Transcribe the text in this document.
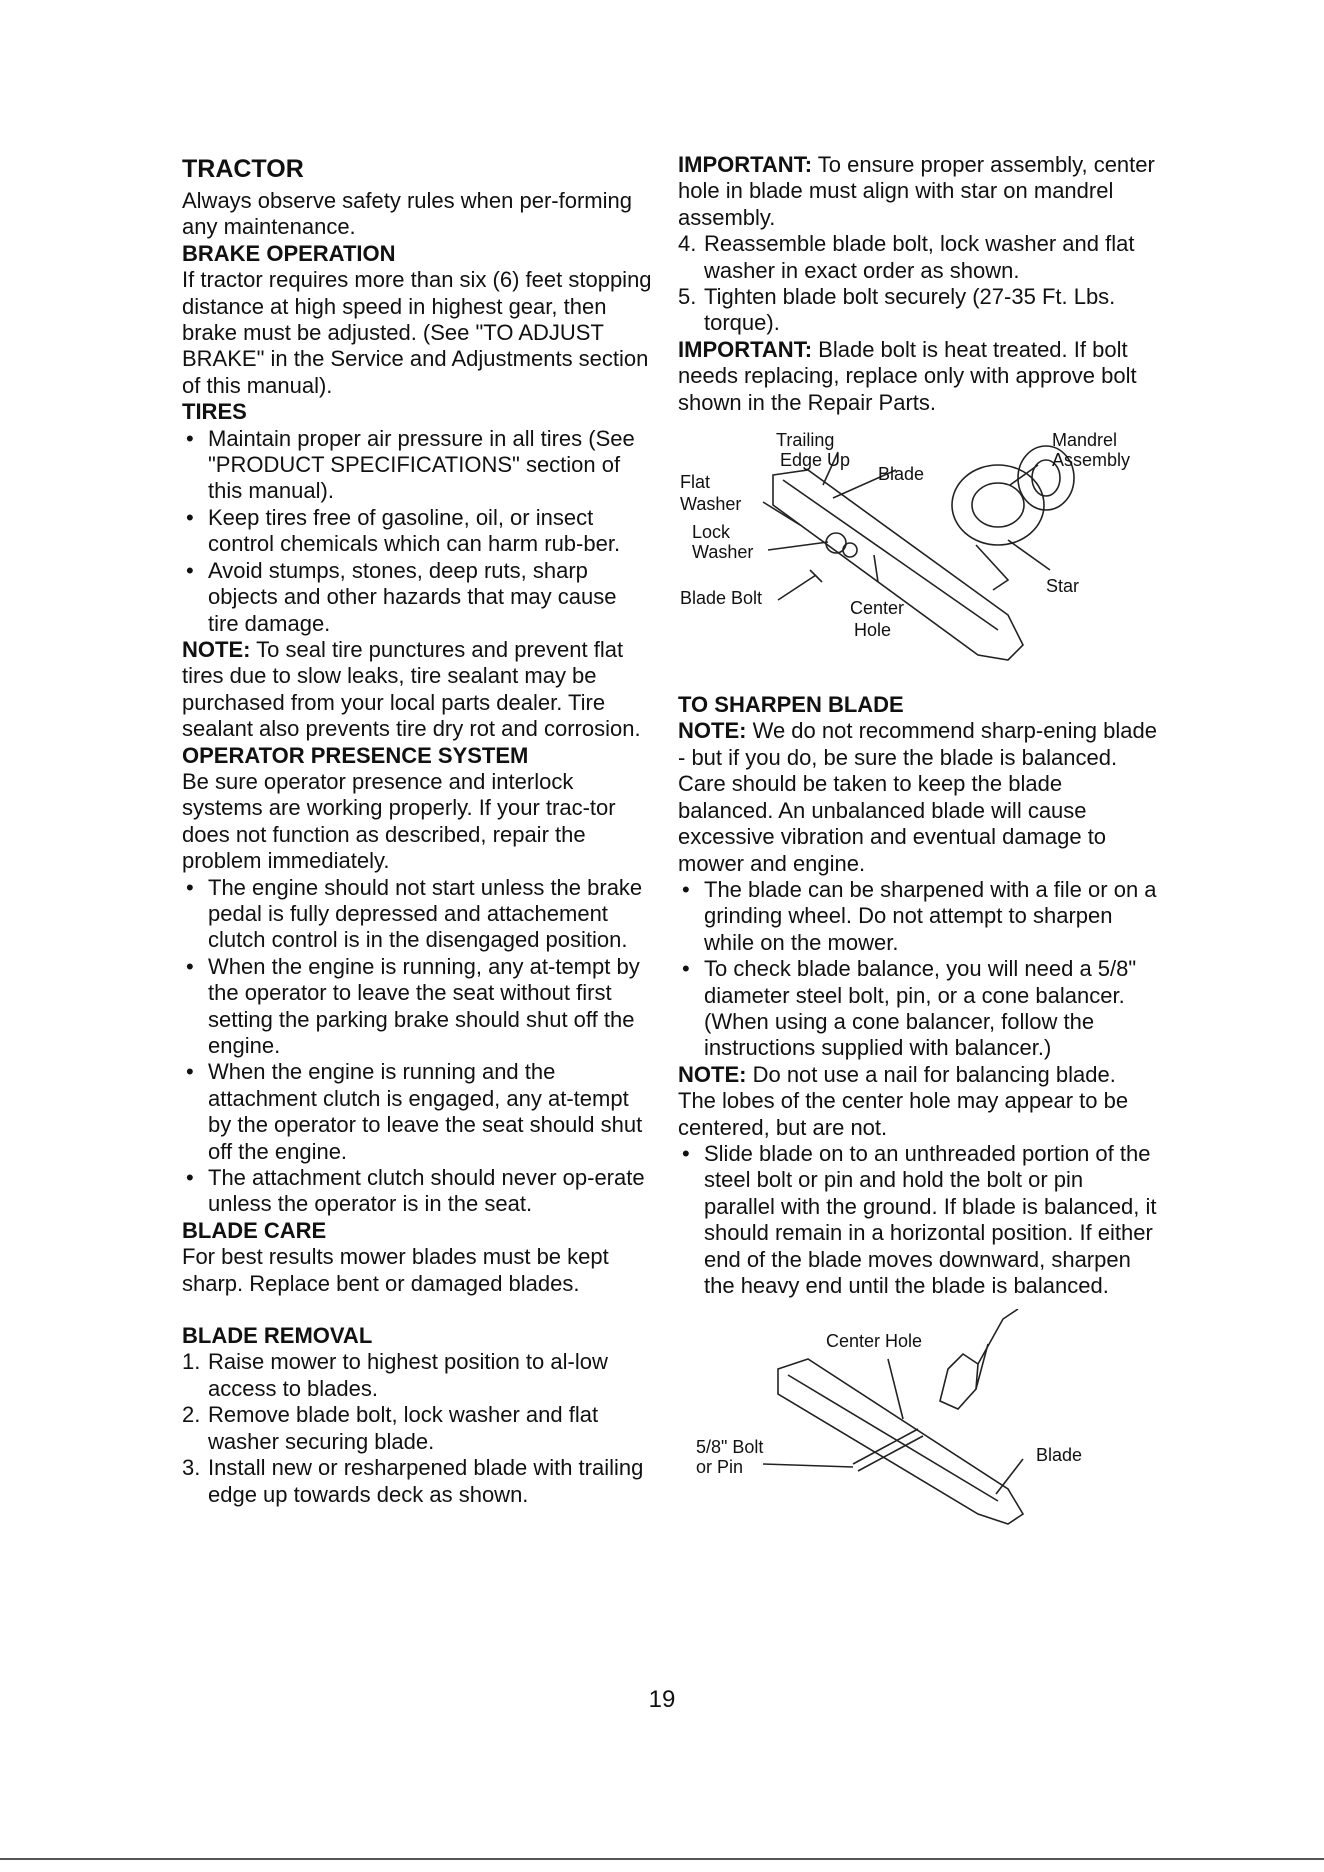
TRACTOR

Always observe safety rules when per-forming any maintenance.

BRAKE OPERATION

If tractor requires more than six (6) feet stopping distance at high speed in highest gear, then brake must be adjusted. (See "TO ADJUST BRAKE" in the Service and Adjustments section of this manual).

TIRES

• Maintain proper air pressure in all tires (See "PRODUCT SPECIFICATIONS" section of this manual).

• Keep tires free of gasoline, oil, or insect control chemicals which can harm rub-ber.

• Avoid stumps, stones, deep ruts, sharp objects and other hazards that may cause tire damage.

NOTE: To seal tire punctures and prevent flat tires due to slow leaks, tire sealant may be purchased from your local parts dealer. Tire sealant also prevents tire dry rot and corrosion.

OPERATOR PRESENCE SYSTEM

Be sure operator presence and interlock systems are working properly. If your trac-tor does not function as described, repair the problem immediately.

• The engine should not start unless the brake pedal is fully depressed and attachement clutch control is in the disengaged position.

• When the engine is running, any at-tempt by the operator to leave the seat without first setting the parking brake should shut off the engine.

• When the engine is running and the attachment clutch is engaged, any at-tempt by the operator to leave the seat should shut off the engine.

• The attachment clutch should never op-erate unless the operator is in the seat.

BLADE CARE

For best results mower blades must be kept sharp. Replace bent or damaged blades.

BLADE REMOVAL

1. Raise mower to highest position to al-low access to blades.

2. Remove blade bolt, lock washer and flat washer securing blade.

3. Install new or resharpened blade with trailing edge up towards deck as shown.

IMPORTANT: To ensure proper assembly, center hole in blade must align with star on mandrel assembly.

4. Reassemble blade bolt, lock washer and flat washer in exact order as shown.

5. Tighten blade bolt securely (27-35 Ft. Lbs. torque).

IMPORTANT: Blade bolt is heat treated. If bolt needs replacing, replace only with approve bolt shown in the Repair Parts.

Trailing
Edge Up
Mandrel
Assembly
Flat
Washer
Blade
Lock
Washer
Star
Blade Bolt	Center
Hole
TO SHARPEN BLADE

NOTE: We do not recommend sharp-ening blade - but if you do, be sure the blade is balanced.

Care should be taken to keep the blade balanced. An unbalanced blade will cause excessive vibration and eventual damage to mower and engine.

• The blade can be sharpened with a file or on a grinding wheel. Do not attempt to sharpen while on the mower.

• To check blade balance, you will need a 5/8" diameter steel bolt, pin, or a cone balancer. (When using a cone balancer, follow the instructions supplied with balancer.)

NOTE: Do not use a nail for balancing blade. The lobes of the center hole may appear to be centered, but are not.

• Slide blade on to an unthreaded portion of the steel bolt or pin and hold the bolt or pin parallel with the ground. If blade is balanced, it should remain in a horizontal position. If either end of the blade moves downward, sharpen the heavy end until the blade is balanced.

Center Hole
5/8" Bolt
or Pin
Blade
19
